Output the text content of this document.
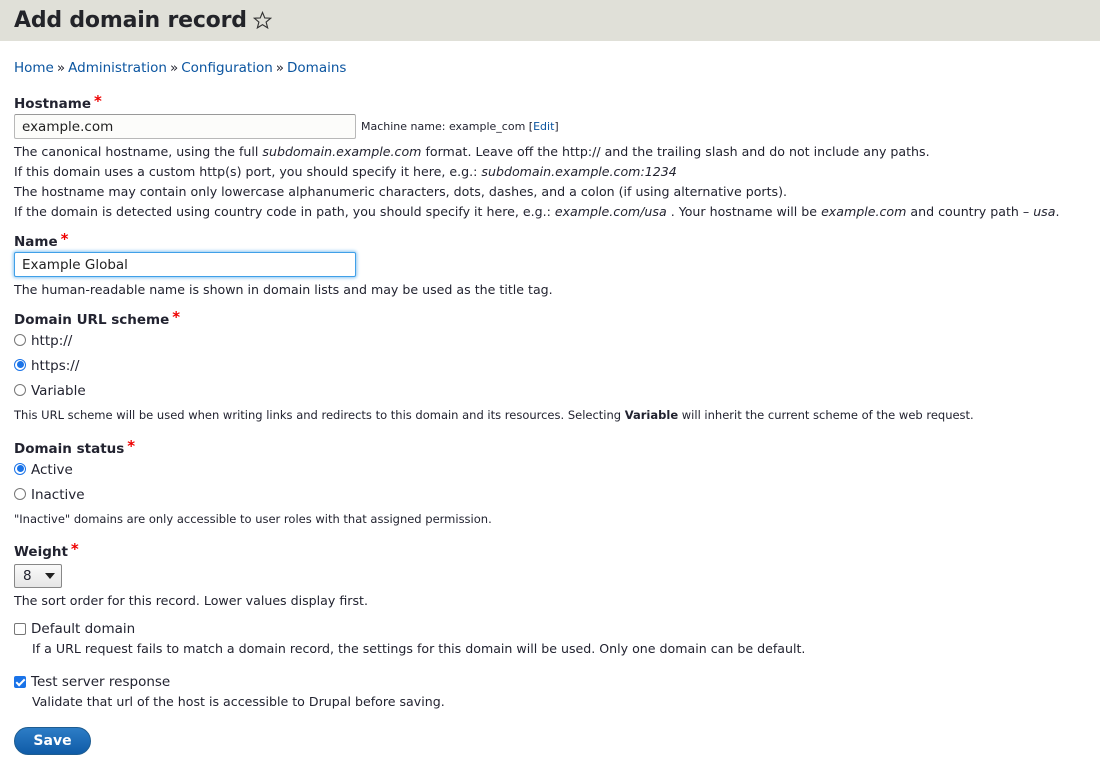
Add domain record
Home » Administration » Configuration » Domains
Hostname *
example.com
Machine name: example_com [Edit]
The canonical hostname, using the full subdomain.example.com format. Leave off the http:// and the trailing slash and do not include any paths.
If this domain uses a custom http(s) port, you should specify it here, e.g.: subdomain.example.com:1234
The hostname may contain only lowercase alphanumeric characters, dots, dashes, and a colon (if using alternative ports).
If the domain is detected using country code in path, you should specify it here, e.g.: example.com/usa . Your hostname will be example.com and country path – usa.
Name *
Example Global
The human-readable name is shown in domain lists and may be used as the title tag.
Domain URL scheme *
http://
https://
Variable
This URL scheme will be used when writing links and redirects to this domain and its resources. Selecting Variable will inherit the current scheme of the web request.
Domain status *
Active
Inactive
"Inactive" domains are only accessible to user roles with that assigned permission.
Weight *
8
The sort order for this record. Lower values display first.
Default domain
If a URL request fails to match a domain record, the settings for this domain will be used. Only one domain can be default.
Test server response
Validate that url of the host is accessible to Drupal before saving.
Save
